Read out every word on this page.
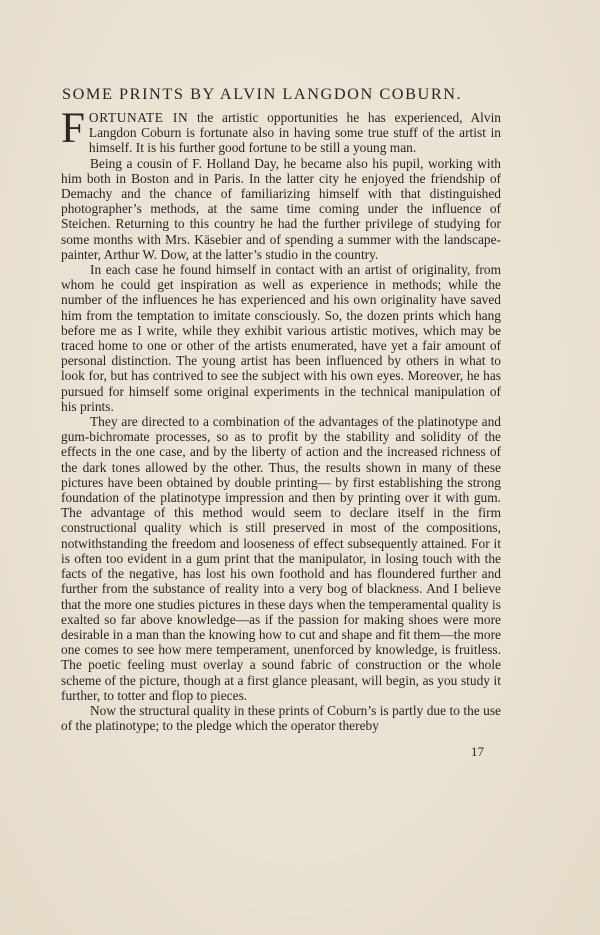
SOME PRINTS BY ALVIN LANGDON COBURN.

FORTUNATE IN the artistic opportunities he has experienced, Alvin Langdon Coburn is fortunate also in having some true stuff of the artist in himself. It is his further good fortune to be still a young man.

Being a cousin of F. Holland Day, he became also his pupil, working with him both in Boston and in Paris. In the latter city he enjoyed the friendship of Demachy and the chance of familiarizing himself with that distinguished photographer’s methods, at the same time coming under the influence of Steichen. Returning to this country he had the further privilege of studying for some months with Mrs. Käsebier and of spending a summer with the landscape-painter, Arthur W. Dow, at the latter’s studio in the country.

In each case he found himself in contact with an artist of originality, from whom he could get inspiration as well as experience in methods; while the number of the influences he has experienced and his own originality have saved him from the temptation to imitate consciously. So, the dozen prints which hang before me as I write, while they exhibit various artistic motives, which may be traced home to one or other of the artists enumerated, have yet a fair amount of personal distinction. The young artist has been influenced by others in what to look for, but has contrived to see the subject with his own eyes. Moreover, he has pursued for himself some original experiments in the technical manipulation of his prints.

They are directed to a combination of the advantages of the platinotype and gum-bichromate processes, so as to profit by the stability and solidity of the effects in the one case, and by the liberty of action and the increased richness of the dark tones allowed by the other. Thus, the results shown in many of these pictures have been obtained by double printing— by first establishing the strong foundation of the platinotype impression and then by printing over it with gum. The advantage of this method would seem to declare itself in the firm constructional quality which is still preserved in most of the compositions, notwithstanding the freedom and looseness of effect subsequently attained. For it is often too evident in a gum print that the manipulator, in losing touch with the facts of the negative, has lost his own foothold and has floundered further and further from the substance of reality into a very bog of blackness. And I believe that the more one studies pictures in these days when the temperamental quality is exalted so far above knowledge—as if the passion for making shoes were more desirable in a man than the knowing how to cut and shape and fit them—the more one comes to see how mere temperament, unenforced by knowledge, is fruitless. The poetic feeling must overlay a sound fabric of construction or the whole scheme of the picture, though at a first glance pleasant, will begin, as you study it further, to totter and flop to pieces.

Now the structural quality in these prints of Coburn’s is partly due to the use of the platinotype; to the pledge which the operator thereby

17
